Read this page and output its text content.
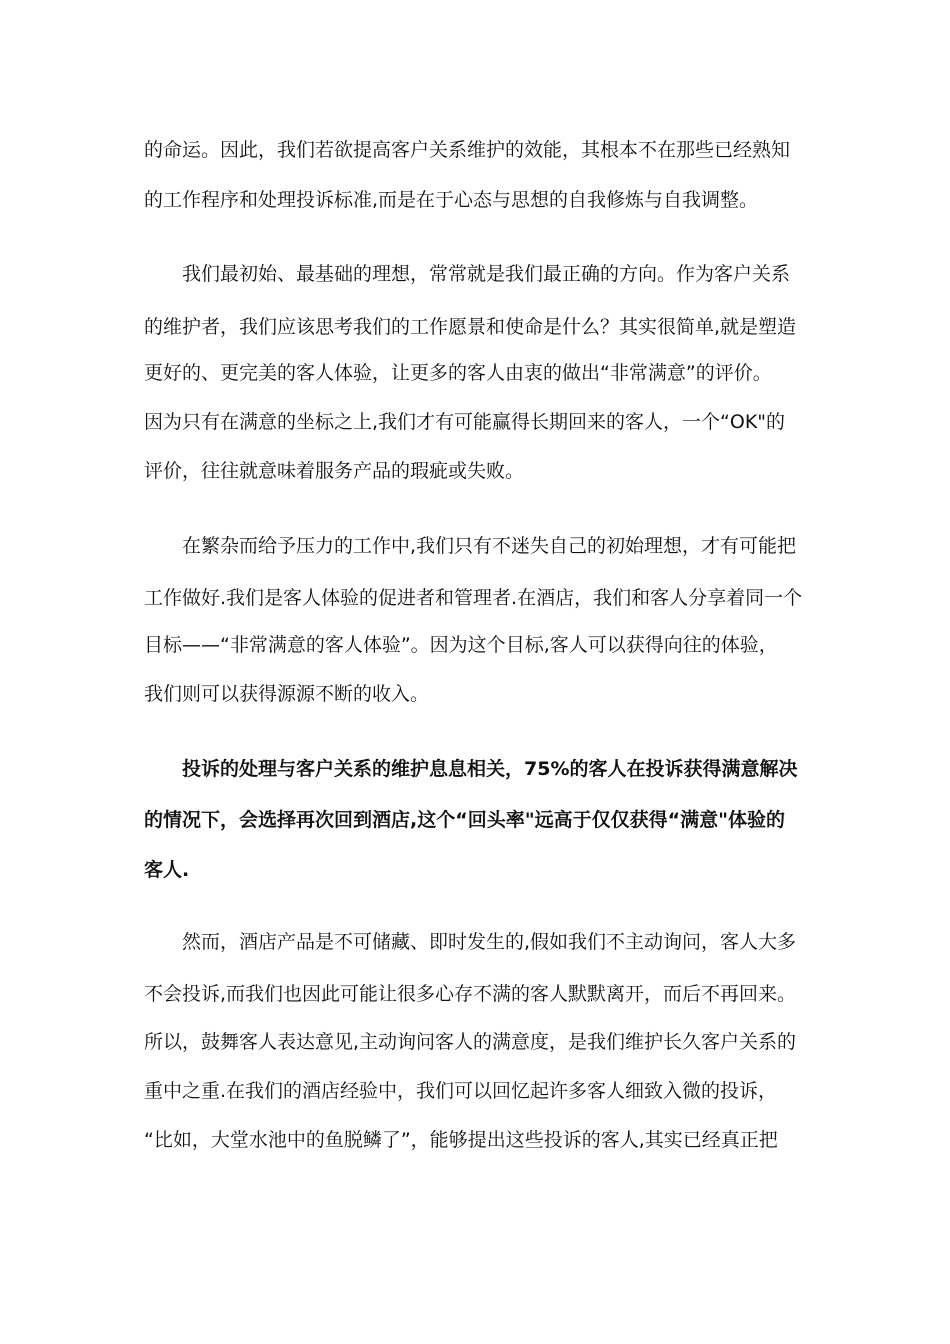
的命运。因此，我们若欲提高客户关系维护的效能，其根本不在那些已经熟知
的工作程序和处理投诉标准,而是在于心态与思想的自我修炼与自我调整。
我们最初始、最基础的理想，常常就是我们最正确的方向。作为客户关系
的维护者，我们应该思考我们的工作愿景和使命是什么？其实很简单,就是塑造
更好的、更完美的客人体验，让更多的客人由衷的做出“非常满意”的评价。
因为只有在满意的坐标之上,我们才有可能赢得长期回来的客人，一个“OK"的
评价，往往就意味着服务产品的瑕疵或失败。
在繁杂而给予压力的工作中,我们只有不迷失自己的初始理想，才有可能把
工作做好.我们是客人体验的促进者和管理者.在酒店，我们和客人分享着同一个
目标——“非常满意的客人体验”。因为这个目标,客人可以获得向往的体验，
我们则可以获得源源不断的收入。
投诉的处理与客户关系的维护息息相关，75%的客人在投诉获得满意解决
的情况下，会选择再次回到酒店,这个“回头率"远高于仅仅获得“满意"体验的
客人.
然而，酒店产品是不可储藏、即时发生的,假如我们不主动询问，客人大多
不会投诉,而我们也因此可能让很多心存不满的客人默默离开，而后不再回来。
所以，鼓舞客人表达意见,主动询问客人的满意度，是我们维护长久客户关系的
重中之重.在我们的酒店经验中，我们可以回忆起许多客人细致入微的投诉，
“比如，大堂水池中的鱼脱鳞了”，能够提出这些投诉的客人,其实已经真正把
